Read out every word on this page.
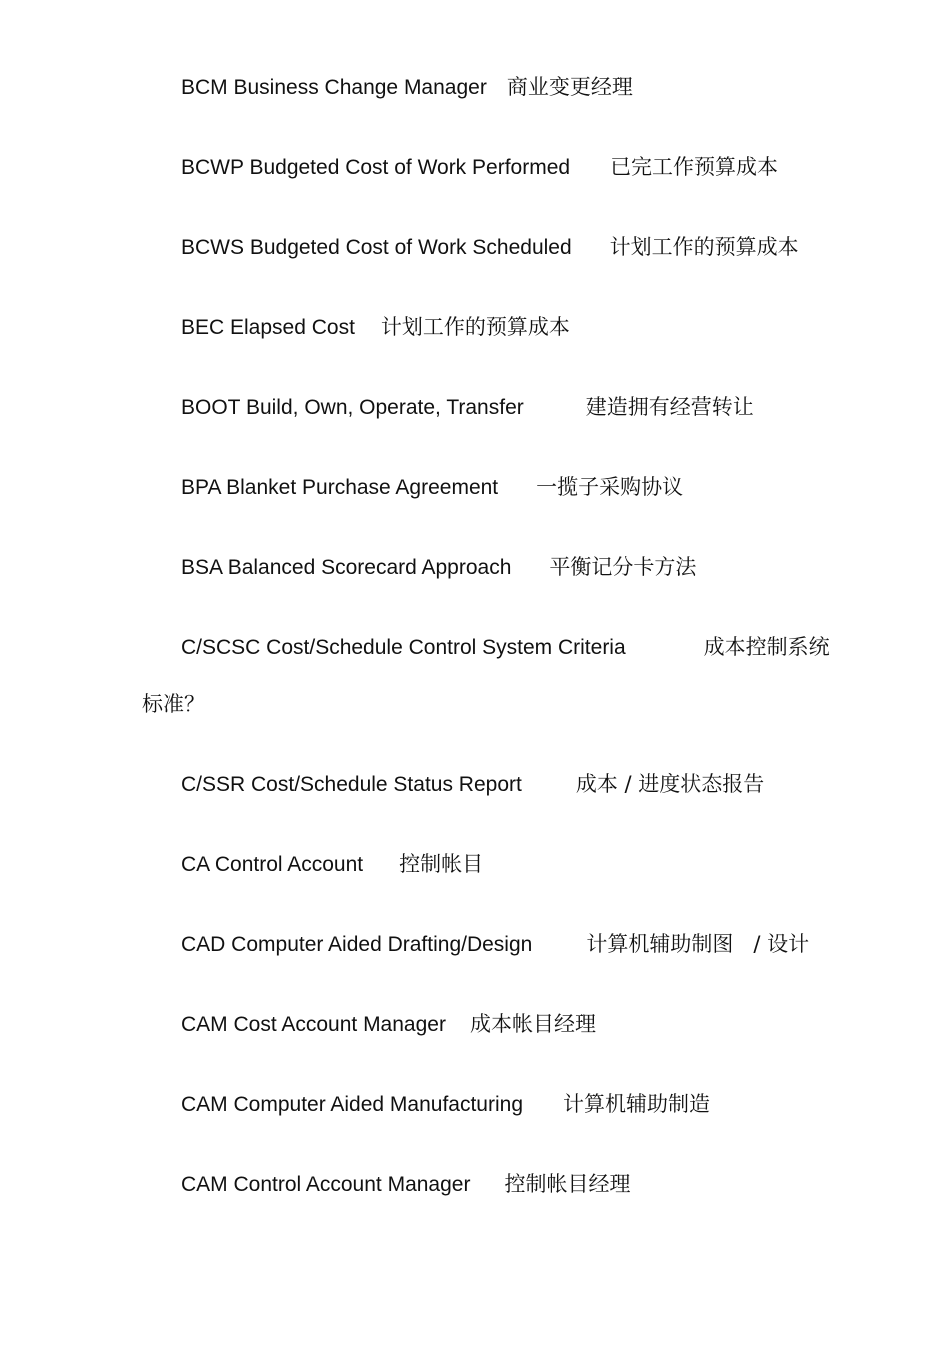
BCM Business Change Manager 商业变更经理
BCWP Budgeted Cost of Work Performed 已完工作预算成本
BCWS Budgeted Cost of Work Scheduled 计划工作的预算成本
BEC Elapsed Cost 计划工作的预算成本
BOOT Build, Own, Operate, Transfer	建造拥有经营转让
BPA Blanket Purchase Agreement 一揽子采购协议
BSA Balanced Scorecard Approach 平衡记分卡方法
C/SCSC Cost/Schedule Control System Criteria	成本控制系统
标准？
C/SSR Cost/Schedule Status Report	成本 / 进度状态报告
CA Control Account 控制帐目
CAD Computer Aided Drafting/Design	计算机辅助制图   / 设计
CAM Cost Account Manager 成本帐目经理
CAM Computer Aided Manufacturing 计算机辅助制造
CAM Control Account Manager 控制帐目经理
